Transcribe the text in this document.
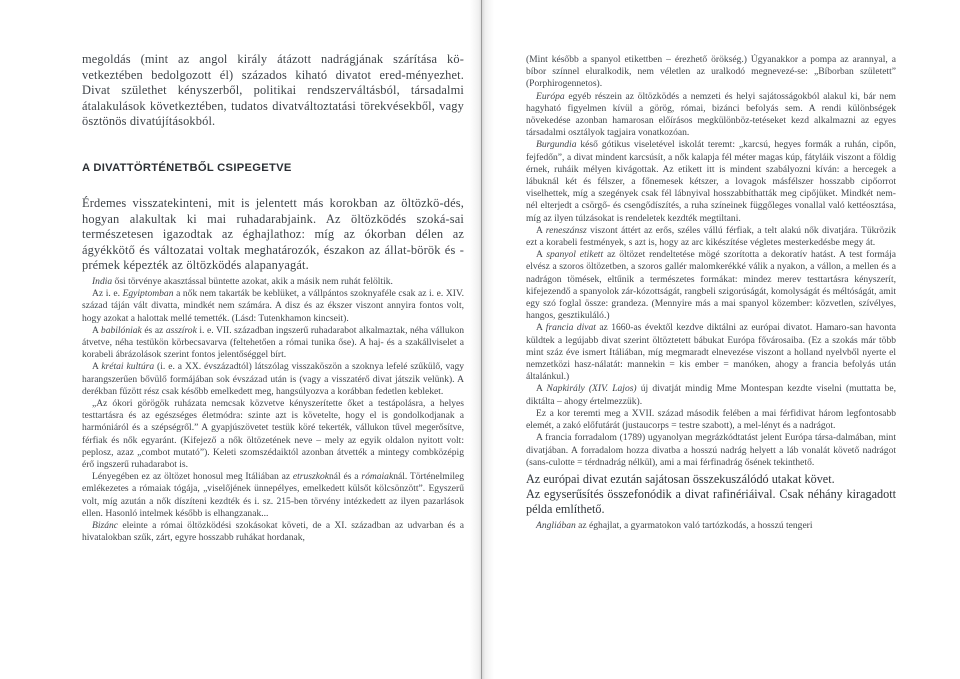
megoldás (mint az angol király átázott nadrágjának szárítása kö-vetkeztében bedolgozott él) százados kiható divatot ered-ményezhet. Divat születhet kényszerből, politikai rendszerváltásból, társadalmi átalakulások következtében, tudatos divatváltoztatási törekvésekből, vagy ösztönös divatújításokból.

A DIVATTÖRTÉNETBŐL CSIPEGETVE

Érdemes visszatekinteni, mit is jelentett más korokban az öltözkö-dés, hogyan alakultak ki mai ruhadarabjaink. Az öltözködés szoká-sai természetesen igazodtak az éghajlathoz: míg az ókorban délen az ágyékkötő és változatai voltak meghatározók, északon az állat-börök és -prémek képezték az öltözködés alapanyagát.

India ősi törvénye akasztással büntette azokat, akik a másik nem ruhát felöltik.

Az i. e. Egyiptomban a nők nem takarták be keblüket, a vállpántos szoknyaféle csak az i. e. XIV. század táján vált divatta, mindkét nem számára. A disz és az ékszer viszont annyira fontos volt, hogy azokat a halottak mellé temették. (Lásd: Tutenkhamon kincseit).

A babilóniak és az asszírok i. e. VII. században ingszerű ruhadarabot alkalmaztak, néha vállukon átvetve, néha testükön körbecsavarva (feltehetően a római tunika őse). A haj- és a szakállviselet a korabeli ábrázolások szerint fontos jelentőséggel bírt.

A krétai kultúra (i. e. a XX. évszázadtól) látszólag visszaköszön a szoknya lefelé szűkülő, vagy harangszerűen bővülő formájában sok évszázad után is (vagy a visszatérő divat játszik velünk). A derékban fűzött rész csak később emelkedett meg, hangsúlyozva a korábban fedetlen kebleket.

„Az ókori görögök ruházata nemcsak közvetve kényszerítette őket a testápolásra, a helyes testtartásra és az egészséges életmódra: szinte azt is követelte, hogy el is gondolkodjanak a harmóniáról és a szépségről.” A gyapjúszövetet testük köré tekerték, vállukon tűvel megerősítve, férfiak és nők egyaránt. (Kifejező a nők öltözetének neve – mely az egyik oldalon nyitott volt: peplosz, azaz „combot mutató”). Keleti szomszédaiktól azonban átvették a mintegy combközépig érő ingszerű ruhadarabot is.

Lényegében ez az öltözet honosul meg Itáliában az etruszkoknál és a rómaiaknál. Történelmileg emlékezetes a rómaiak tógája, „viselőjének ünnepélyes, emelkedett külsőt kölcsönzött”. Egyszerű volt, míg azután a nők díszíteni kezdték és i. sz. 215-ben törvény intézkedett az ilyen pazarlások ellen. Hasonló intelmek később is elhangzanak...

Bizánc eleinte a római öltözködési szokásokat követi, de a XI. században az udvarban és a hivatalokban szűk, zárt, egyre hosszabb ruhákat hordanak,

(Mint később a spanyol etikettben – érezhető örökség.) Úgyanakkor a pompa az arannyal, a bíbor színnel eluralkodik, nem véletlen az uralkodó megnevezé-se: „Bíborban született” (Porphirogennetos).

Európa egyéb részein az öltözködés a nemzeti és helyi sajátosságokból alakul ki, bár nem hagyható figyelmen kívül a görög, római, bizánci befolyás sem. A rendi különbségek növekedése azonban hamarosan előírásos megkülönböz-tetéseket kezd alkalmazni az egyes társadalmi osztályok tagjaira vonatkozóan.

Burgundia késő gótikus viseletével iskolát teremt: „karcsú, hegyes formák a ruhán, cipőn, fejfedőn”, a divat mindent karcsúsít, a nők kalapja fél méter magas kúp, fátyláik viszont a földig érnek, ruháik mélyen kivágottak. Az etikett itt is mindent szabályozni kíván: a hercegek a lábuknál két és félszer, a főnemesek kétszer, a lovagok másfélszer hosszabb cipőorrot viselhettek, míg a szegények csak fél lábnyival hosszabbíthatták meg cipőjüket. Mindkét nem-nél elterjedt a csörgő- és csengődíszítés, a ruha színeinek függőleges vonallal való kettéosztása, míg az ilyen túlzásokat is rendeletek kezdték megtiltani.

A reneszánsz viszont áttért az erős, széles vállú férfiak, a telt alakú nők divatjára. Tükrözik ezt a korabeli festmények, s azt is, hogy az arc kikészítése végletes mesterkedésbe megy át.

A spanyol etikett az öltözet rendeltetése mögé szorította a dekoratív hatást. A test formája elvész a szoros öltözetben, a szoros gallér malomkerékké válik a nyakon, a vállon, a mellen és a nadrágon tömések, eltűnik a természetes formákat: mindez merev testtartásra kényszerít, kifejezendő a spanyolok zár-kózottságát, rangbeli szigorúságát, komolyságát és méltóságát, amit egy szó foglal össze: grandeza. (Mennyire más a mai spanyol közember: közvetlen, szívélyes, hangos, gesztikuláló.)

A francia divat az 1660-as évektől kezdve diktálni az európai divatot. Hamaro-san havonta küldtek a legújabb divat szerint öltöztetett bábukat Európa fővárosaiba. (Ez a szokás már több mint száz éve ismert Itáliában, míg megmaradt elnevezése viszont a holland nyelvből nyerte el nemzetközi hasz-nálatát: mannekin = kis ember = manóken, ahogy a francia befolyás után általánkul.)

A Napkirály (XIV. Lajos) új divatját mindig Mme Montespan kezdte viselni (muttatta be, diktálta – ahogy értelmezzük).

Ez a kor teremti meg a XVII. század második felében a mai férfidivat három legfontosabb elemét, a zakó előfutárát (justaucorps = testre szabott), a mel-lényt és a nadrágot.

A francia forradalom (1789) ugyanolyan megrázkódtatást jelent Európa társa-dalmában, mint divatjában. A forradalom hozza divatba a hosszú nadrág helyett a láb vonalát követő nadrágot (sans-culotte = térdnadrág nélkül), ami a mai férfinadrág ősének tekinthető.

Az európai divat ezután sajátosan összekuszálódó utakat követ.

Az egyserűsítés összefonódik a divat rafinériáival. Csak néhány kiragadott példa említhető.

Angliában az éghajlat, a gyarmatokon való tartózkodás, a hosszú tengeri
